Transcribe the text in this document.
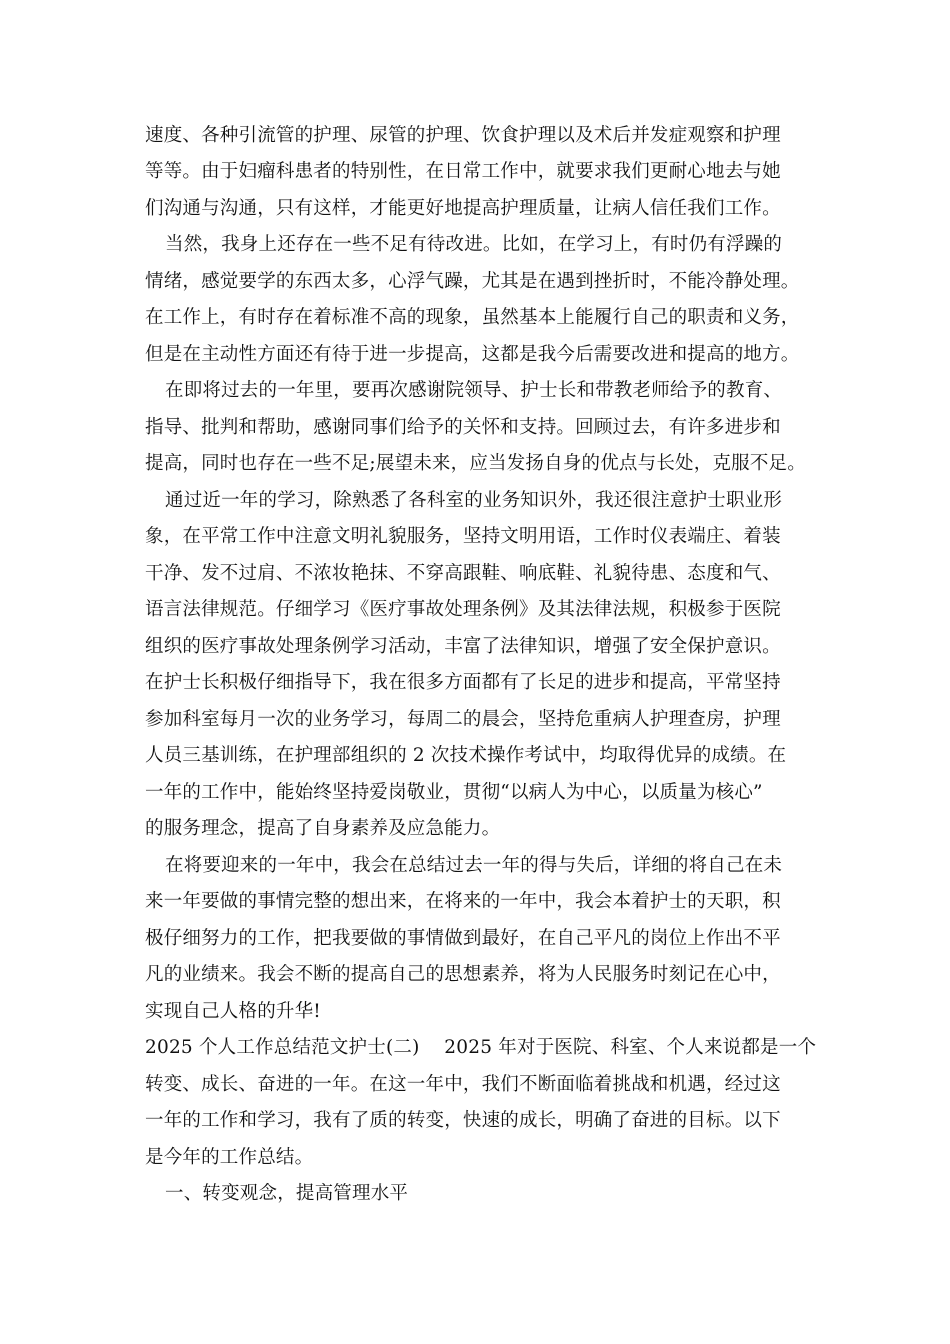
速度、各种引流管的护理、尿管的护理、饮食护理以及术后并发症观察和护理
等等。由于妇瘤科患者的特别性，在日常工作中，就要求我们更耐心地去与她
们沟通与沟通，只有这样，才能更好地提高护理质量，让病人信任我们工作。
当然，我身上还存在一些不足有待改进。比如，在学习上，有时仍有浮躁的
情绪，感觉要学的东西太多，心浮气躁，尤其是在遇到挫折时，不能冷静处理。
在工作上，有时存在着标准不高的现象，虽然基本上能履行自己的职责和义务，
但是在主动性方面还有待于进一步提高，这都是我今后需要改进和提高的地方。
在即将过去的一年里，要再次感谢院领导、护士长和带教老师给予的教育、
指导、批判和帮助，感谢同事们给予的关怀和支持。回顾过去，有许多进步和
提高，同时也存在一些不足;展望未来，应当发扬自身的优点与长处，克服不足。
通过近一年的学习，除熟悉了各科室的业务知识外，我还很注意护士职业形
象，在平常工作中注意文明礼貌服务，坚持文明用语，工作时仪表端庄、着装
干净、发不过肩、不浓妆艳抹、不穿高跟鞋、响底鞋、礼貌待患、态度和气、
语言法律规范。仔细学习《医疗事故处理条例》及其法律法规，积极参于医院
组织的医疗事故处理条例学习活动，丰富了法律知识，增强了安全保护意识。
在护士长积极仔细指导下，我在很多方面都有了长足的进步和提高，平常坚持
参加科室每月一次的业务学习，每周二的晨会，坚持危重病人护理查房，护理
人员三基训练，在护理部组织的 2 次技术操作考试中，均取得优异的成绩。在
一年的工作中，能始终坚持爱岗敬业，贯彻“以病人为中心，以质量为核心”
的服务理念，提高了自身素养及应急能力。
在将要迎来的一年中，我会在总结过去一年的得与失后，详细的将自己在未
来一年要做的事情完整的想出来，在将来的一年中，我会本着护士的天职，积
极仔细努力的工作，把我要做的事情做到最好，在自己平凡的岗位上作出不平
凡的业绩来。我会不断的提高自己的思想素养，将为人民服务时刻记在心中，
实现自己人格的升华!
2025 个人工作总结范文护士(二)　 2025 年对于医院、科室、个人来说都是一个
转变、成长、奋进的一年。在这一年中，我们不断面临着挑战和机遇，经过这
一年的工作和学习，我有了质的转变，快速的成长，明确了奋进的目标。以下
是今年的工作总结。
一、转变观念，提高管理水平
